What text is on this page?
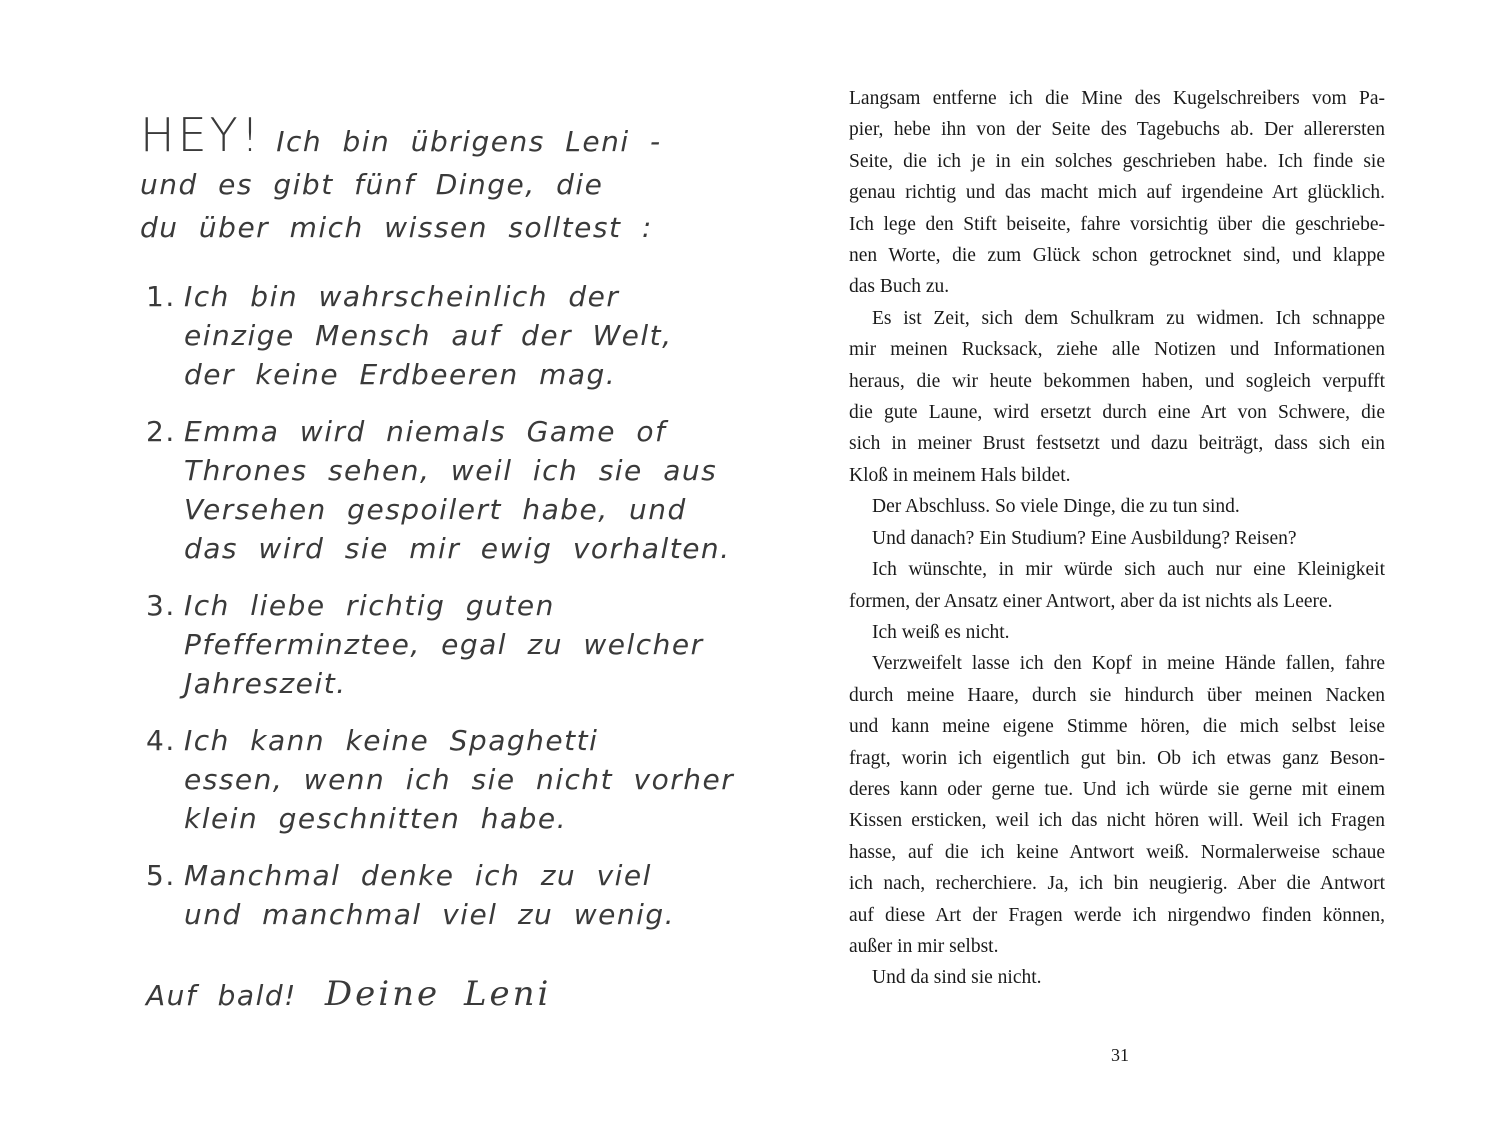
HEY! Ich bin übrigens Leni -
und es gibt fünf Dinge, die
du über mich wissen solltest :
1. Ich bin wahrscheinlich der
einzige Mensch auf der Welt,
der keine Erdbeeren mag.
2. Emma wird niemals Game of
Thrones sehen, weil ich sie aus
Versehen gespoilert habe, und
das wird sie mir ewig vorhalten.
3. Ich liebe richtig guten
Pfefferminztee, egal zu welcher
Jahreszeit.
4. Ich kann keine Spaghetti
essen, wenn ich sie nicht vorher
klein geschnitten habe.
5. Manchmal denke ich zu viel
und manchmal viel zu wenig.
Auf bald! Deine Leni
Langsam entferne ich die Mine des Kugelschreibers vom Pa-
pier, hebe ihn von der Seite des Tagebuchs ab. Der allerersten
Seite, die ich je in ein solches geschrieben habe. Ich finde sie
genau richtig und das macht mich auf irgendeine Art glücklich.
Ich lege den Stift beiseite, fahre vorsichtig über die geschriebe-
nen Worte, die zum Glück schon getrocknet sind, und klappe
das Buch zu.
Es ist Zeit, sich dem Schulkram zu widmen. Ich schnappe
mir meinen Rucksack, ziehe alle Notizen und Informationen
heraus, die wir heute bekommen haben, und sogleich verpufft
die gute Laune, wird ersetzt durch eine Art von Schwere, die
sich in meiner Brust festsetzt und dazu beiträgt, dass sich ein
Kloß in meinem Hals bildet.
Der Abschluss. So viele Dinge, die zu tun sind.
Und danach? Ein Studium? Eine Ausbildung? Reisen?
Ich wünschte, in mir würde sich auch nur eine Kleinigkeit
formen, der Ansatz einer Antwort, aber da ist nichts als Leere.
Ich weiß es nicht.
Verzweifelt lasse ich den Kopf in meine Hände fallen, fahre
durch meine Haare, durch sie hindurch über meinen Nacken
und kann meine eigene Stimme hören, die mich selbst leise
fragt, worin ich eigentlich gut bin. Ob ich etwas ganz Beson-
deres kann oder gerne tue. Und ich würde sie gerne mit einem
Kissen ersticken, weil ich das nicht hören will. Weil ich Fragen
hasse, auf die ich keine Antwort weiß. Normalerweise schaue
ich nach, recherchiere. Ja, ich bin neugierig. Aber die Antwort
auf diese Art der Fragen werde ich nirgendwo finden können,
außer in mir selbst.
Und da sind sie nicht.
31
